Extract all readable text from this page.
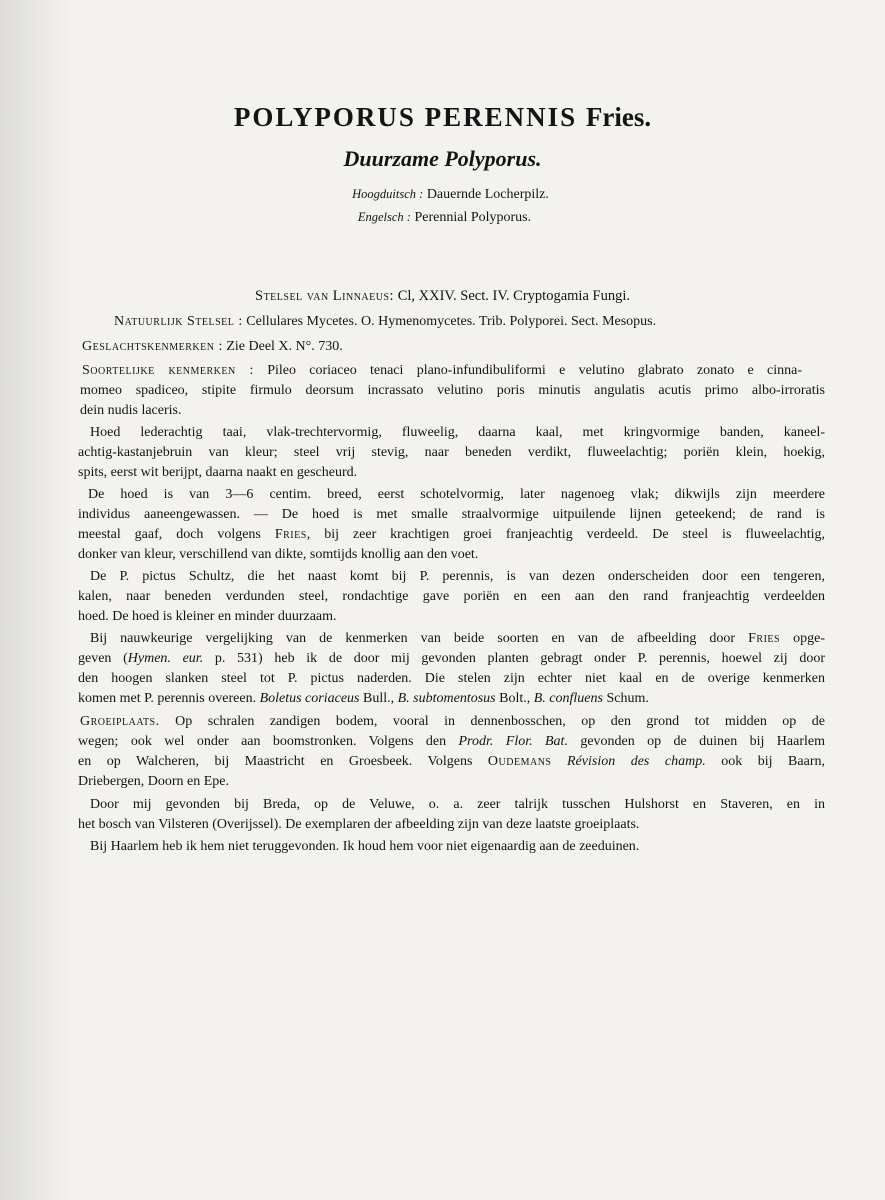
POLYPORUS PERENNIS Fries.
Duurzame Polyporus.
Hoogduitsch : Dauernde Locherpilz.
Engelsch : Perennial Polyporus.
Stelsel van Linnaeus: Cl, XXIV. Sect. IV. Cryptogamia Fungi.
Natuurlijk Stelsel : Cellulares Mycetes. O. Hymenomycetes. Trib. Polyporei. Sect. Mesopus.
Geslachtskenmerken : Zie Deel X. N°. 730.
Soortelijke kenmerken : Pileo coriaceo tenaci plano-infundibuliformi e velutino glabrato zonato e cinna-
momeo spadiceo, stipite firmulo deorsum incrassato velutino poris minutis angulatis acutis primo albo-irroratis
dein nudis laceris.
Hoed lederachtig taai, vlak-trechtervormig, fluweelig, daarna kaal, met kringvormige banden, kaneel-
achtig-kastanjebruin van kleur; steel vrij stevig, naar beneden verdikt, fluweelachtig; poriën klein, hoekig,
spits, eerst wit berijpt, daarna naakt en gescheurd.
De hoed is van 3—6 centim. breed, eerst schotelvormig, later nagenoeg vlak; dikwijls zijn meerdere
individus aaneengewassen. — De hoed is met smalle straalvormige uitpuilende lijnen geteekend; de rand is
meestal gaaf, doch volgens Fries, bij zeer krachtigen groei franjeachtig verdeeld. De steel is fluweelachtig,
donker van kleur, verschillend van dikte, somtijds knollig aan den voet.
De P. pictus Schultz, die het naast komt bij P. perennis, is van dezen onderscheiden door een tengeren,
kalen, naar beneden verdunden steel, rondachtige gave poriën en een aan den rand franjeachtig verdeelden
hoed. De hoed is kleiner en minder duurzaam.
Bij nauwkeurige vergelijking van de kenmerken van beide soorten en van de afbeelding door Fries opge-
geven (Hymen. eur. p. 531) heb ik de door mij gevonden planten gebragt onder P. perennis, hoewel zij door
den hoogen slanken steel tot P. pictus naderden. Die stelen zijn echter niet kaal en de overige kenmerken
komen met P. perennis overeen. Boletus coriaceus Bull., B. subtomentosus Bolt., B. confluens Schum.
Groeiplaats. Op schralen zandigen bodem, vooral in dennenbosschen, op den grond tot midden op de
wegen; ook wel onder aan boomstronken. Volgens den Prodr. Flor. Bat. gevonden op de duinen bij Haarlem
en op Walcheren, bij Maastricht en Groesbeek. Volgens Oudemans Révision des champ. ook bij Baarn,
Driebergen, Doorn en Epe.
Door mij gevonden bij Breda, op de Veluwe, o. a. zeer talrijk tusschen Hulshorst en Staveren, en in
het bosch van Vilsteren (Overijssel). De exemplaren der afbeelding zijn van deze laatste groeiplaats.
Bij Haarlem heb ik hem niet teruggevonden. Ik houd hem voor niet eigenaardig aan de zeeduinen.
